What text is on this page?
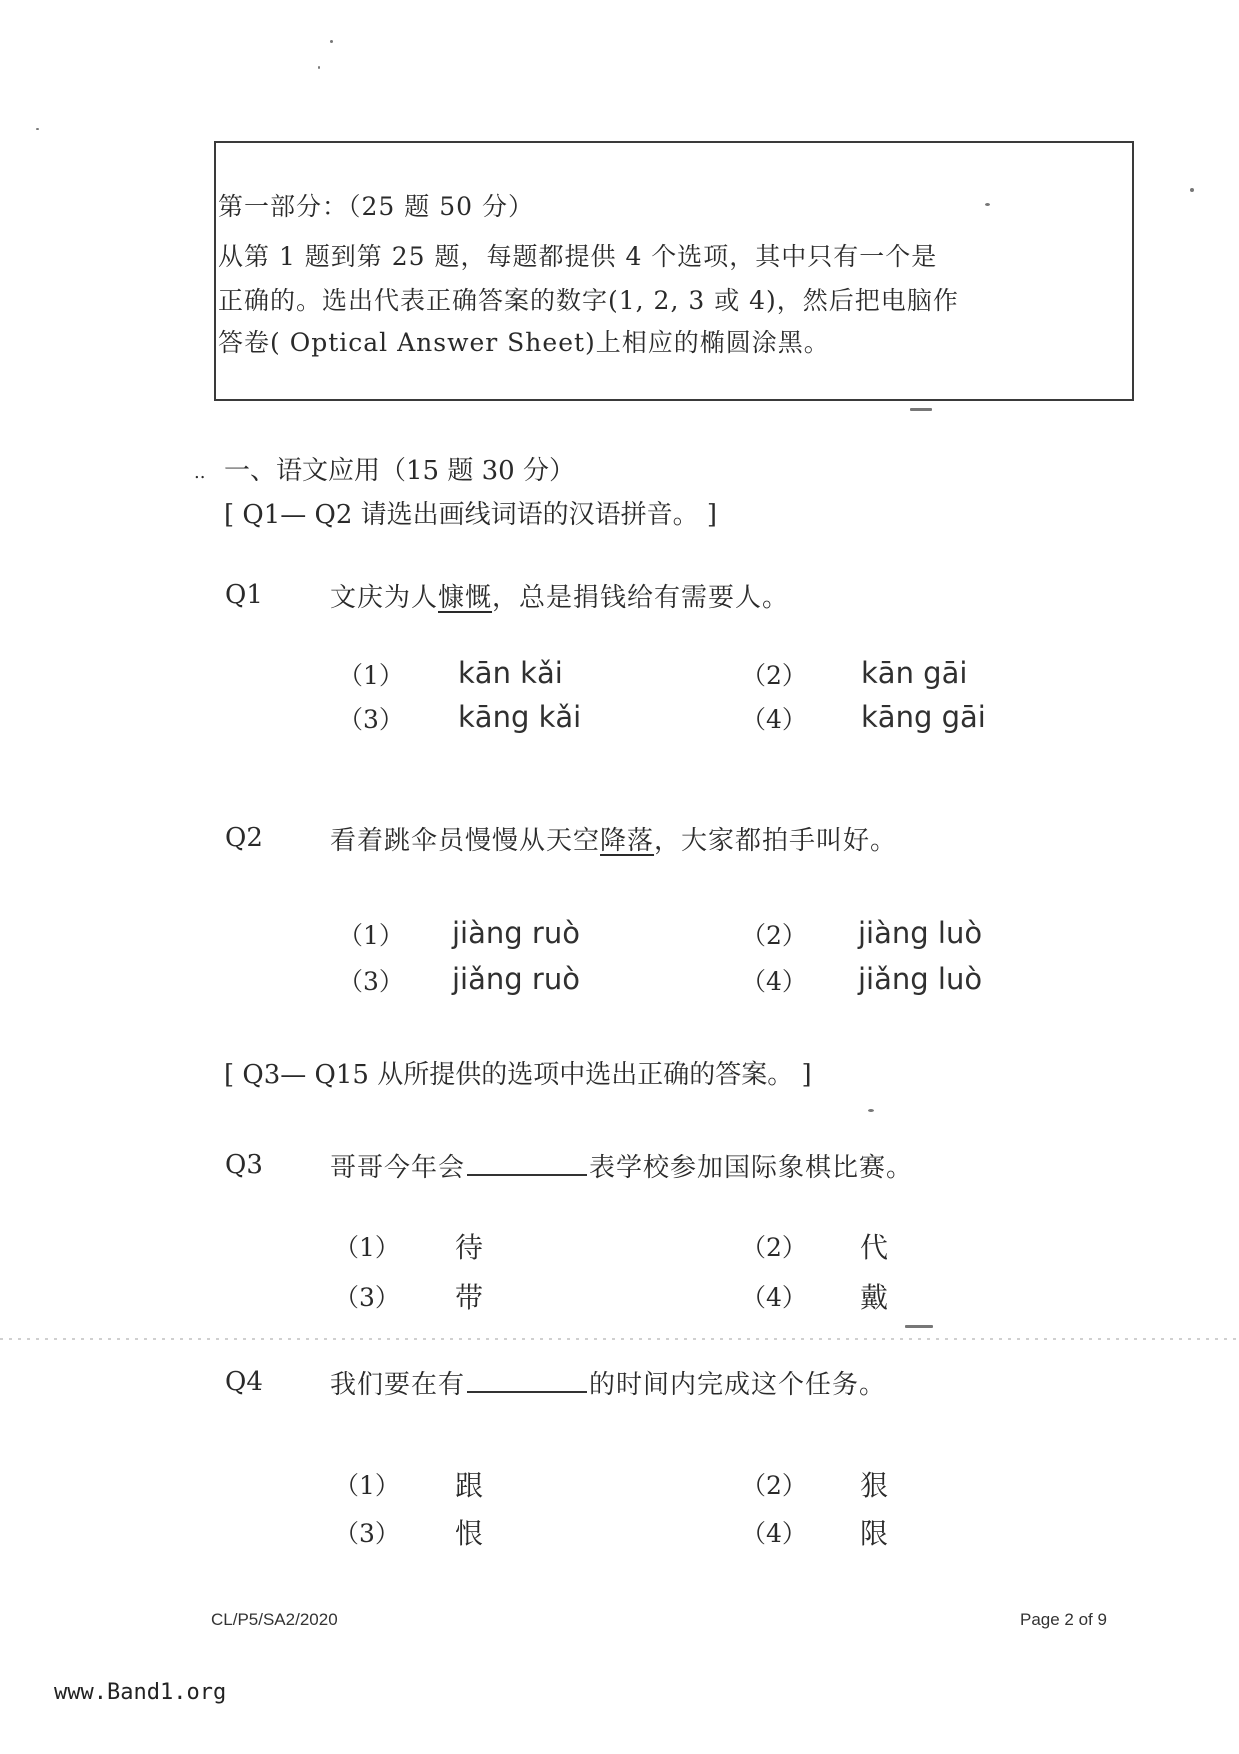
第一部分：（25 题 50 分）
从第 1 题到第 25 题，每题都提供 4 个选项，其中只有一个是
正确的。选出代表正确答案的数字(1, 2, 3 或 4)，然后把电脑作
答卷( Optical Answer Sheet)上相应的椭圆涂黑。
.. 一、语文应用（15 题 30 分）
[ Q1— Q2 请选出画线词语的汉语拼音。 ]
Q1	文庆为人慷慨，总是捐钱给有需要人。
（1） kān kǎi	（2） kān gāi
（3） kāng kǎi	（4） kāng gāi
Q2	看着跳伞员慢慢从天空降落，大家都拍手叫好。
（1） jiàng ruò	（2） jiàng luò
（3） jiǎng ruò	（4） jiǎng luò
[ Q3— Q15 从所提供的选项中选出正确的答案。 ]
Q3	哥哥今年会	表学校参加国际象棋比赛。
（1） 待	（2） 代
（3） 带	（4） 戴
Q4	我们要在有	的时间内完成这个任务。
（1） 跟	（2） 狠
（3） 恨	（4） 限
CL/P5/SA2/2020	Page 2 of 9
www.Band1.org
